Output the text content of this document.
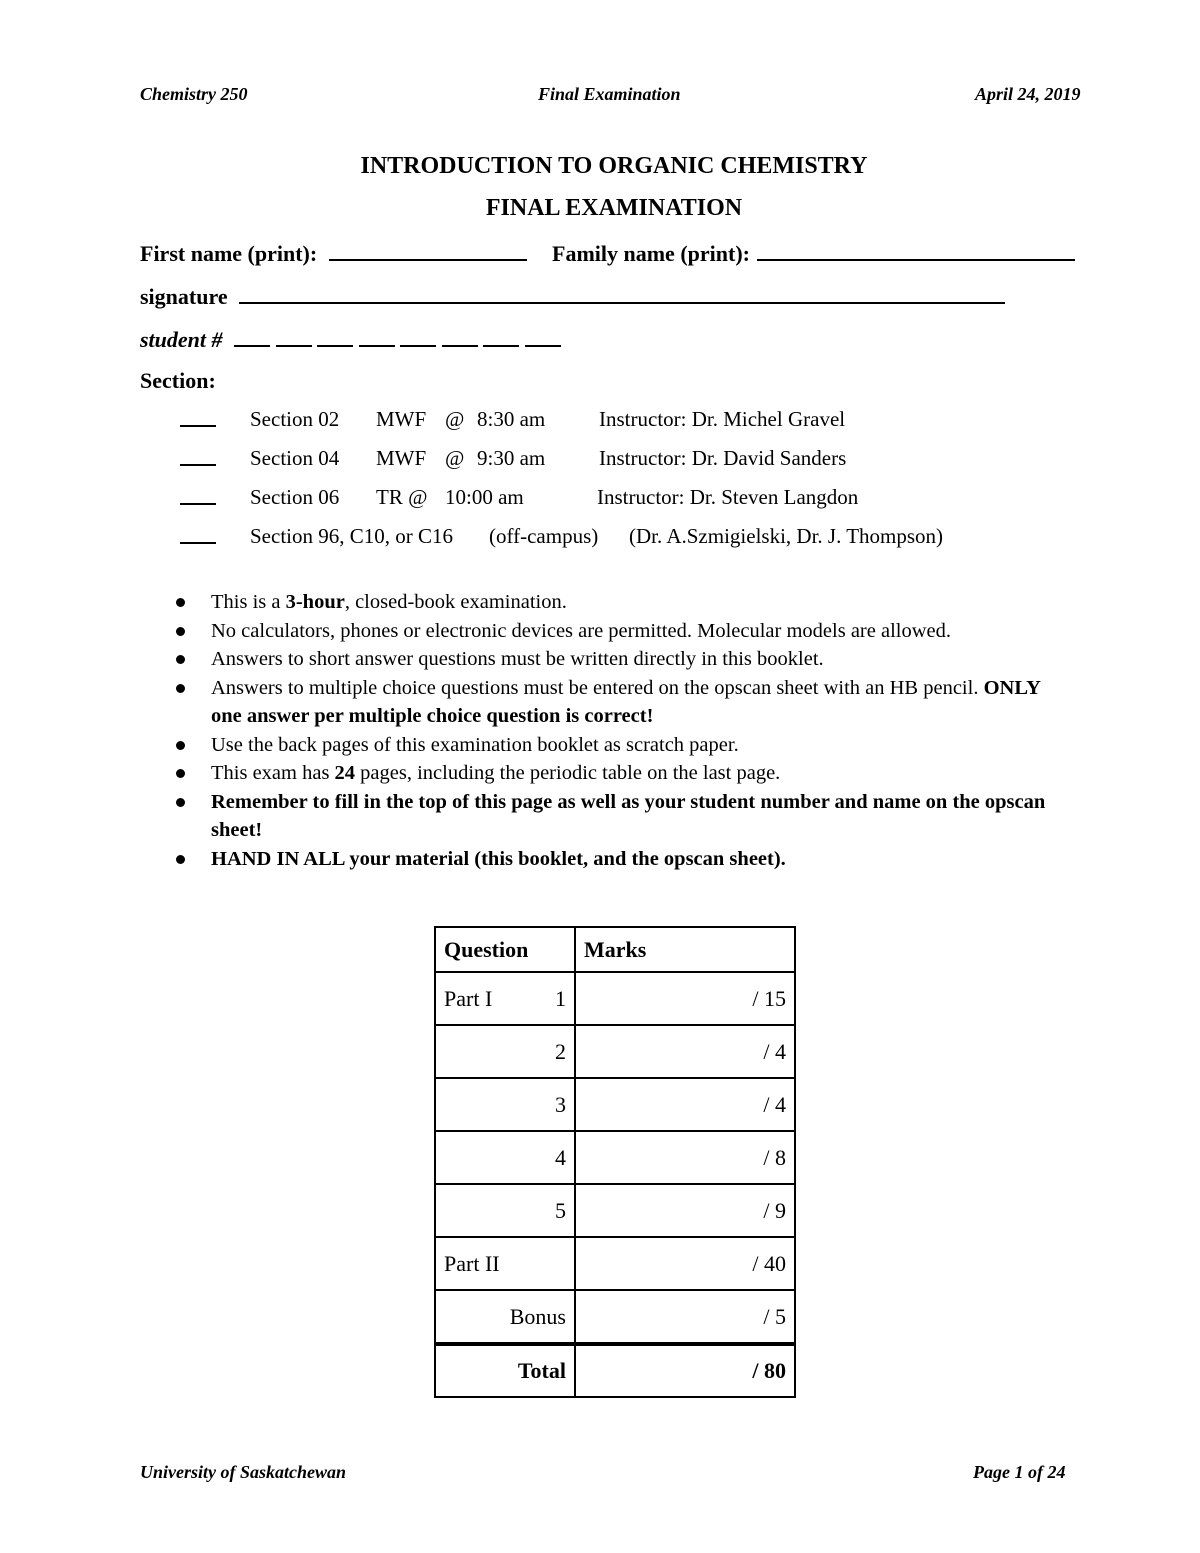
Chemistry 250	Final Examination	April 24, 2019
INTRODUCTION TO ORGANIC CHEMISTRY
FINAL EXAMINATION
First name (print):	Family name (print):
signature
student #
Section:
Section 02 MWF @ 8:30 am	Instructor: Dr. Michel Gravel
Section 04 MWF @ 9:30 am	Instructor: Dr. David Sanders
Section 06 TR @ 10:00 am	Instructor: Dr. Steven Langdon
Section 96, C10, or C16 (off-campus) (Dr. A.Szmigielski, Dr. J. Thompson)
This is a 3-hour, closed-book examination.
No calculators, phones or electronic devices are permitted. Molecular models are allowed.
Answers to short answer questions must be written directly in this booklet.
Answers to multiple choice questions must be entered on the opscan sheet with an HB pencil. ONLY one answer per multiple choice question is correct!
Use the back pages of this examination booklet as scratch paper.
This exam has 24 pages, including the periodic table on the last page.
Remember to fill in the top of this page as well as your student number and name on the opscan sheet!
HAND IN ALL your material (this booklet, and the opscan sheet).
Question	Marks

Part I 1	/ 15

2	/ 4

3	/ 4

4	/ 8

5	/ 9

Part II	/ 40
Bonus	/ 5
Total	/ 80
University of Saskatchewan	Page 1 of 24
